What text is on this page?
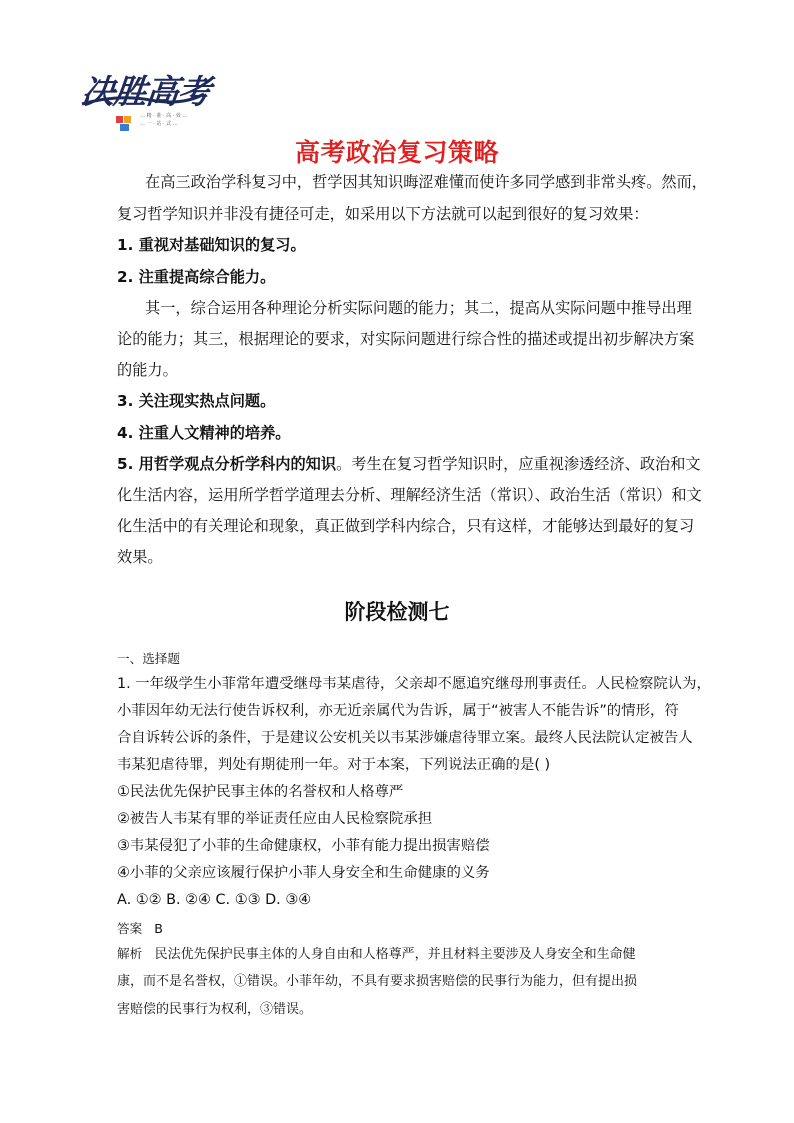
决胜高考
… 精 · 准 · 高 · 效 …
… 一 · 站 · 式 …
高考政治复习策略
在高三政治学科复习中，哲学因其知识晦涩难懂而使许多同学感到非常头疼。然而，
复习哲学知识并非没有捷径可走，如采用以下方法就可以起到很好的复习效果：
1. 重视对基础知识的复习。
2. 注重提高综合能力。
其一，综合运用各种理论分析实际问题的能力；其二，提高从实际问题中推导出理
论的能力；其三，根据理论的要求，对实际问题进行综合性的描述或提出初步解决方案
的能力。
3. 关注现实热点问题。
4. 注重人文精神的培养。
5. 用哲学观点分析学科内的知识。考生在复习哲学知识时，应重视渗透经济、政治和文
化生活内容，运用所学哲学道理去分析、理解经济生活（常识）、政治生活（常识）和文
化生活中的有关理论和现象，真正做到学科内综合，只有这样，才能够达到最好的复习
效果。
阶段检测七
一、选择题
1. 一年级学生小菲常年遭受继母韦某虐待，父亲却不愿追究继母刑事责任。人民检察院认为，
小菲因年幼无法行使告诉权利，亦无近亲属代为告诉，属于“被害人不能告诉”的情形，符
合自诉转公诉的条件，于是建议公安机关以韦某涉嫌虐待罪立案。最终人民法院认定被告人
韦某犯虐待罪，判处有期徒刑一年。对于本案，下列说法正确的是( )
①民法优先保护民事主体的名誉权和人格尊严
②被告人韦某有罪的举证责任应由人民检察院承担
③韦某侵犯了小菲的生命健康权，小菲有能力提出损害赔偿
④小菲的父亲应该履行保护小菲人身安全和生命健康的义务
A. ①② B. ②④ C. ①③ D. ③④
答案 B
解析 民法优先保护民事主体的人身自由和人格尊严，并且材料主要涉及人身安全和生命健
康，而不是名誉权，①错误。小菲年幼，不具有要求损害赔偿的民事行为能力，但有提出损
害赔偿的民事行为权利，③错误。
